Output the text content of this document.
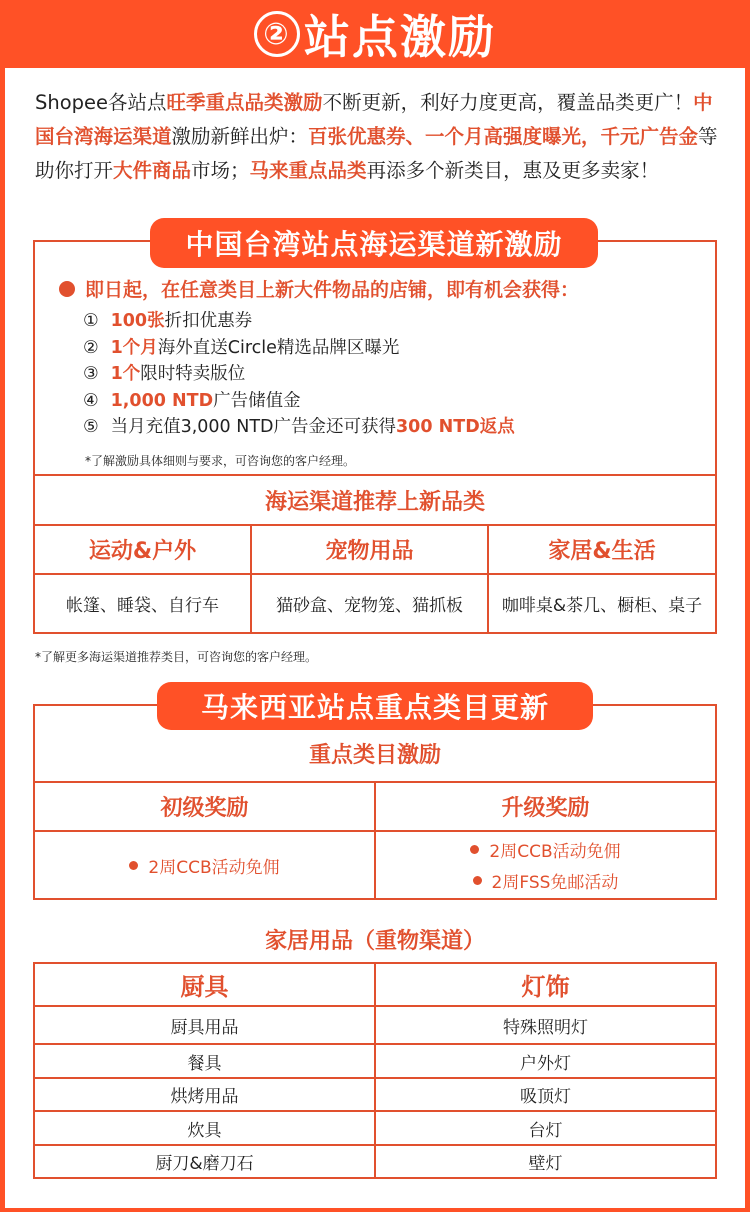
② 站点激励
Shopee各站点旺季重点品类激励不断更新，利好力度更高，覆盖品类更广！中国台湾海运渠道激励新鲜出炉：百张优惠券、一个月高强度曝光，千元广告金等助你打开大件商品市场；马来重点品类再添多个新类目，惠及更多卖家！
中国台湾站点海运渠道新激励
即日起，在任意类目上新大件物品的店铺，即有机会获得：
① 100张折扣优惠券
② 1个月海外直送Circle精选品牌区曝光
③ 1个限时特卖版位
④ 1,000 NTD广告储值金
⑤ 当月充值3,000 NTD广告金还可获得300 NTD返点
*了解激励具体细则与要求，可咨询您的客户经理。
海运渠道推荐上新品类		
运动&户外	宠物用品	家居&生活
帐篷、睡袋、自行车	猫砂盒、宠物笼、猫抓板	咖啡桌&茶几、橱柜、桌子
*了解更多海运渠道推荐类目，可咨询您的客户经理。
马来西亚站点重点类目更新
重点类目激励
初级奖励	升级奖励

2周CCB活动免佣	2周CCB活动免佣
2周FSS免邮活动
家居用品（重物渠道）
厨具	灯饰
厨具用品	特殊照明灯
餐具	户外灯
烘烤用品	吸顶灯
炊具	台灯
厨刀&磨刀石	壁灯
